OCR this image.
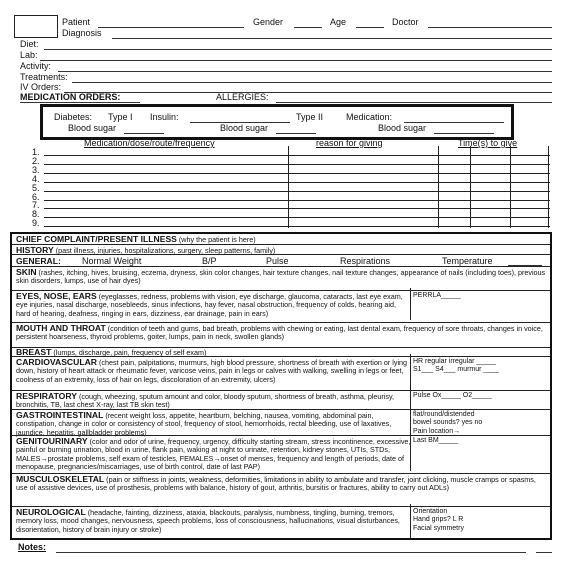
Patient	Gender	Age	Doctor
Diagnosis
Diet:
Lab:
Activity:
Treatments:
IV Orders:
MEDICATION ORDERS:	ALLERGIES:
Diabetes: Type I Insulin:	Type II	Medication:
Blood sugar	Blood sugar	Blood sugar
Medication/dose/route/frequency	reason for giving	Time(s) to give
1.
2.
3.
4.
5.
6.
7.
8.
9.
CHIEF COMPLAINT/PRESENT ILLNESS (why the patient is here)
HISTORY (past illness, injuries, hospitalizations, surgery, sleep patterns, family)
GENERAL: Normal Weight	B/P	Pulse	Respirations	Temperature
SKIN (rashes, itching, hives, bruising, eczema, dryness, skin color changes, hair texture changes, nail texture changes, appearance of nails (including toes), previous skin disorders, lumps, use of hair dyes)
EYES, NOSE, EARS (eyeglasses, redness, problems with vision, eye discharge, glaucoma, cataracts, last eye exam, eye injuries, nasal discharge, nosebleeds, sinus infections, hay fever, nasal obstruction, frequency of colds, hearing aid, hard of hearing, deafness, ringing in ears, dizziness, ear drainage, pain in ears)
PERRLA_____
MOUTH AND THROAT (condition of teeth and gums, bad breath, problems with chewing or eating, last dental exam, frequency of sore throats, changes in voice, persistent hoarseness, thyroid problems, goiter, lumps, pain in neck, swollen glands)
BREAST (lumps, discharge, pain, frequency of self exam)
CARDIOVASCULAR (chest pain, palpitations, murmurs, high blood pressure, shortness of breath with exertion or lying down, history of heart attack or rheumatic fever, varicose veins, pain in legs or calves with walking, swelling in legs or feet, coolness of an extremity, loss of hair on legs, discoloration of an extremity, ulcers)
HR regular irregular _____
S1___ S4___ murmur ____
RESPIRATORY (cough, wheezing, sputum amount and color, bloody sputum, shortness of breath, asthma, pleurisy, bronchitis, TB, last chest X-ray, last TB skin test)
Pulse Ox_____ O2_____
GASTROINTESTINAL (recent weight loss, appetite, heartburn, belching, nausea, vomiting, abdominal pain, constipation, change in color or consistency of stool, frequency of stool, hemorrhoids, rectal bleeding, use of laxatives, jaundice, hepatitis, gallbladder problems)
flat/round/distended
bowel sounds? yes no
Pain location→
GENITOURINARY (color and odor of urine, frequency, urgency, difficulty starting stream, stress incontinence, excessive, painful or burning urination, blood in urine, flank pain, waking at night to urinate, retention, kidney stones, UTIs, STDs, MALES→prostate problems, self exam of testicles, FEMALES→onset of menses, frequency and length of periods, date of menopause, pregnancies/miscarriages, use of birth control, date of last PAP)
Last BM_____
MUSCULOSKELETAL (pain or stiffness in joints, weakness, deformities, limitations in ability to ambulate and transfer, joint clicking, muscle cramps or spasms, use of assistive devices, use of prosthesis, problems with balance, history of gout, arthritis, bursitis or fractures, ability to carry out ADLs)
NEUROLOGICAL (headache, fainting, dizziness, ataxia, blackouts, paralysis, numbness, tingling, burning, tremors, memory loss, mood changes, nervousness, speech problems, loss of consciousness, hallucinations, visual disturbances, disorientation, history of brain injury or stroke)
Orientation
Hand grips? L R
Facial symmetry
Notes:
